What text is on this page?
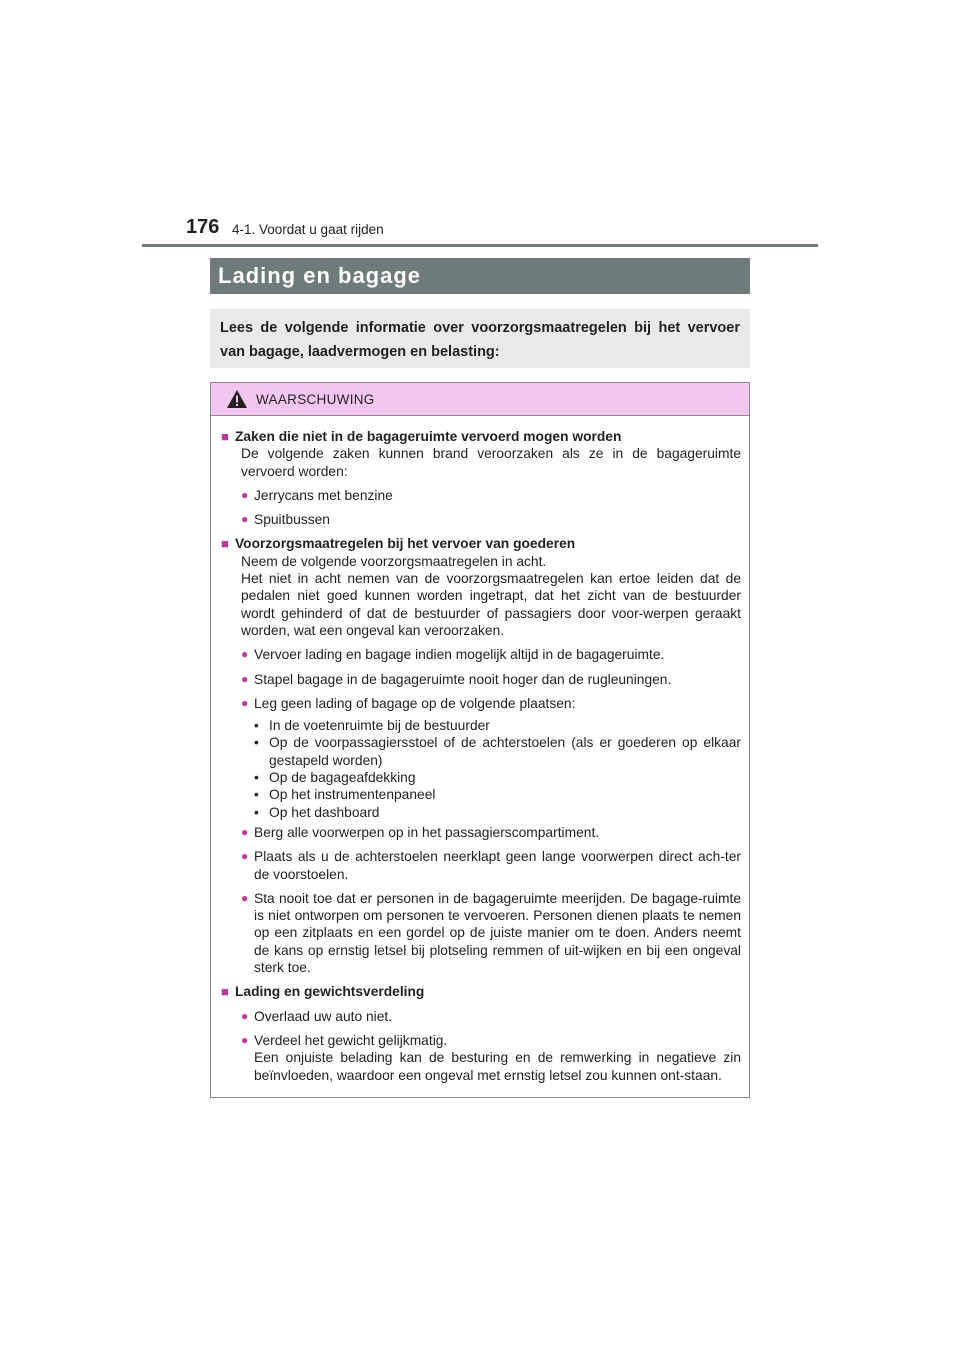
176 4-1. Voordat u gaat rijden
Lading en bagage
Lees de volgende informatie over voorzorgsmaatregelen bij het vervoer van bagage, laadvermogen en belasting:
WAARSCHUWING
■ Zaken die niet in de bagageruimte vervoerd mogen worden
De volgende zaken kunnen brand veroorzaken als ze in de bagageruimte vervoerd worden:
● Jerrycans met benzine
● Spuitbussen
■ Voorzorgsmaatregelen bij het vervoer van goederen
Neem de volgende voorzorgsmaatregelen in acht.
Het niet in acht nemen van de voorzorgsmaatregelen kan ertoe leiden dat de pedalen niet goed kunnen worden ingetrapt, dat het zicht van de bestuurder wordt gehinderd of dat de bestuurder of passagiers door voor-werpen geraakt worden, wat een ongeval kan veroorzaken.
● Vervoer lading en bagage indien mogelijk altijd in de bagageruimte.
● Stapel bagage in de bagageruimte nooit hoger dan de rugleuningen.
● Leg geen lading of bagage op de volgende plaatsen:
• In de voetenruimte bij de bestuurder
• Op de voorpassagiersstoel of de achterstoelen (als er goederen op elkaar gestapeld worden)
• Op de bagageafdekking
• Op het instrumentenpaneel
• Op het dashboard
● Berg alle voorwerpen op in het passagierscompartiment.
● Plaats als u de achterstoelen neerklapt geen lange voorwerpen direct ach-ter de voorstoelen.
● Sta nooit toe dat er personen in de bagageruimte meerijden. De bagage-ruimte is niet ontworpen om personen te vervoeren. Personen dienen plaats te nemen op een zitplaats en een gordel op de juiste manier om te doen. Anders neemt de kans op ernstig letsel bij plotseling remmen of uit-wijken en bij een ongeval sterk toe.
■ Lading en gewichtsverdeling
● Overlaad uw auto niet.
● Verdeel het gewicht gelijkmatig.
Een onjuiste belading kan de besturing en de remwerking in negatieve zin beïnvloeden, waardoor een ongeval met ernstig letsel zou kunnen ont-staan.
